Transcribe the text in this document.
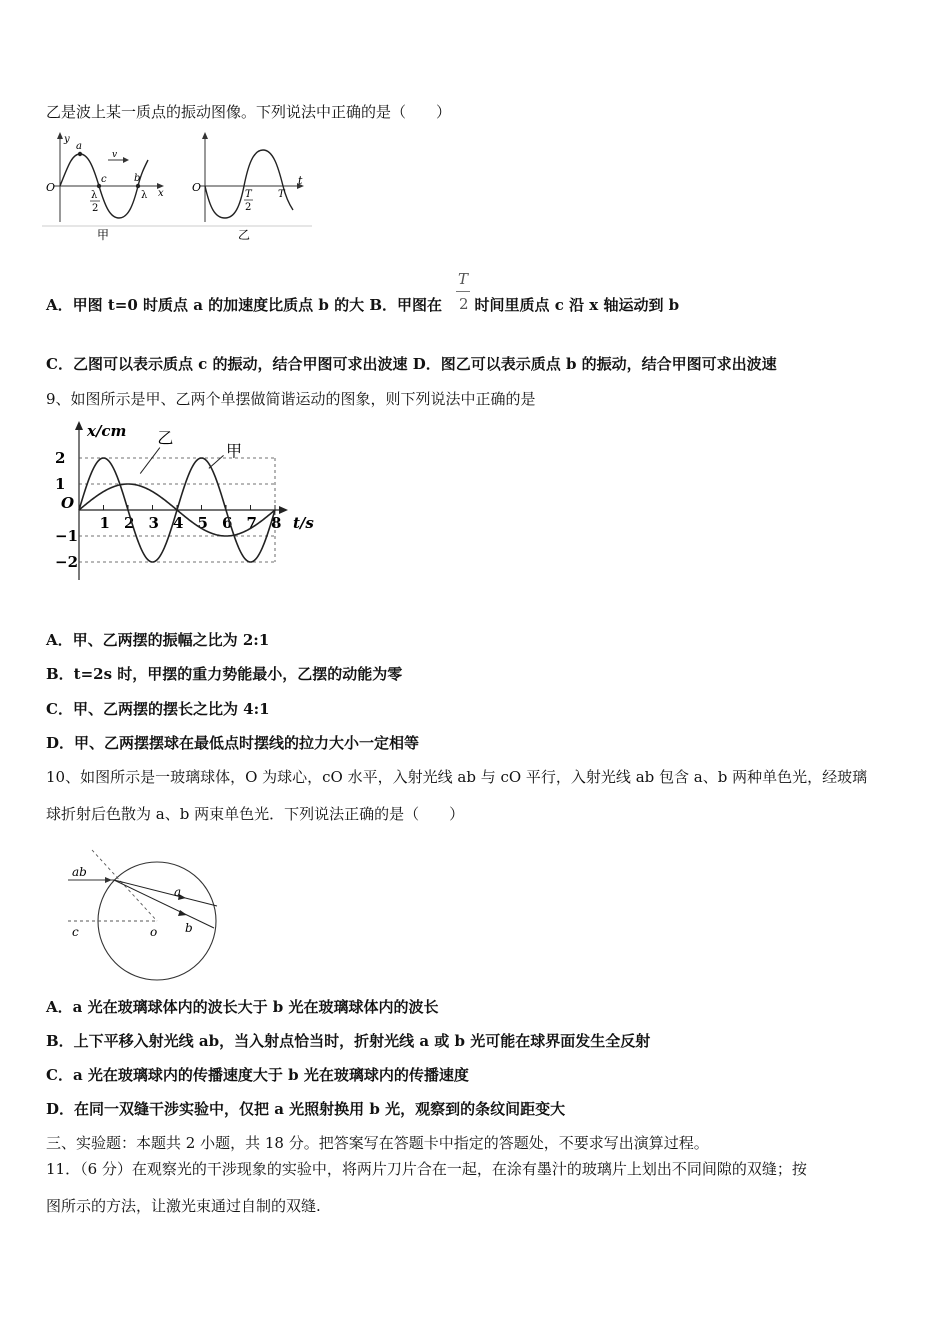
乙是波上某一质点的振动图像。下列说法中正确的是（　　）
y
x
O
a
c	b
v
λ
2
λ
甲
t
O
T
2
T
乙
A．甲图 t=0 时质点 a 的加速度比质点 b 的大 B．甲图在 时间里质点 c 沿 x 轴运动到 b
T
2
C．乙图可以表示质点 c 的振动，结合甲图可求出波速 D．图乙可以表示质点 b 的振动，结合甲图可求出波速
9、如图所示是甲、乙两个单摆做简谐运动的图象，则下列说法中正确的是
x/cm
t/s
O
2
1
−1
−2
1 2 3 4 5 6 7 8
甲
乙
A．甲、乙两摆的振幅之比为 2:1
B．t=2s 时，甲摆的重力势能最小，乙摆的动能为零
C．甲、乙两摆的摆长之比为 4:1
D．甲、乙两摆摆球在最低点时摆线的拉力大小一定相等
10、如图所示是一玻璃球体，O 为球心，cO 水平，入射光线 ab 与 cO 平行，入射光线 ab 包含 a、b 两种单色光，经玻璃
球折射后色散为 a、b 两束单色光．下列说法正确的是（　　）
ab
a
b
c	o
A．a 光在玻璃球体内的波长大于 b 光在玻璃球体内的波长
B．上下平移入射光线 ab，当入射点恰当时，折射光线 a 或 b 光可能在球界面发生全反射
C．a 光在玻璃球内的传播速度大于 b 光在玻璃球内的传播速度
D．在同一双缝干涉实验中，仅把 a 光照射换用 b 光，观察到的条纹间距变大
三、实验题：本题共 2 小题，共 18 分。把答案写在答题卡中指定的答题处，不要求写出演算过程。
11．（6 分）在观察光的干涉现象的实验中，将两片刀片合在一起，在涂有墨汁的玻璃片上划出不同间隙的双缝；按
图所示的方法，让激光束通过自制的双缝.
